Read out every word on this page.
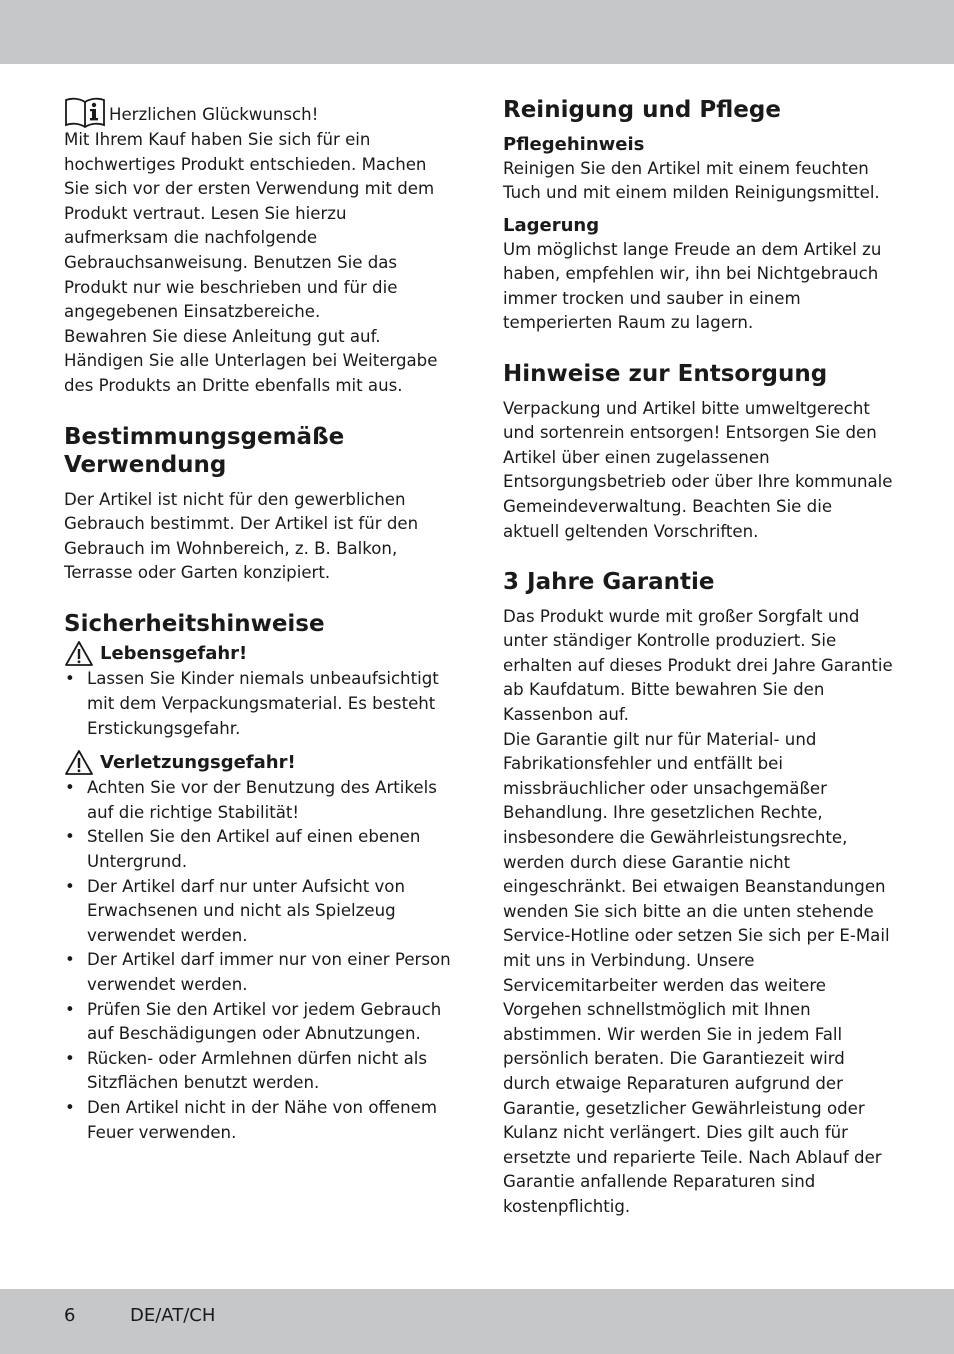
Herzlichen Glückwunsch!

Mit Ihrem Kauf haben Sie sich für ein hochwertiges Produkt entschieden. Machen Sie sich vor der ersten Verwendung mit dem Produkt vertraut. Lesen Sie hierzu aufmerksam die nachfolgende Gebrauchsanweisung. Benutzen Sie das Produkt nur wie beschrieben und für die angegebenen Einsatzbereiche.

Bewahren Sie diese Anleitung gut auf. Händigen Sie alle Unterlagen bei Weitergabe des Produkts an Dritte ebenfalls mit aus.

Bestimmungsgemäße Verwendung

Der Artikel ist nicht für den gewerblichen Gebrauch bestimmt. Der Artikel ist für den Gebrauch im Wohnbereich, z. B. Balkon, Terrasse oder Garten konzipiert.

Sicherheitshinweise
Lebensgefahr!
• Lassen Sie Kinder niemals unbeaufsichtigt mit dem Verpackungsmaterial. Es besteht Erstickungsgefahr.
Verletzungsgefahr!
• Achten Sie vor der Benutzung des Artikels auf die richtige Stabilität!
• Stellen Sie den Artikel auf einen ebenen Untergrund.
• Der Artikel darf nur unter Aufsicht von Erwachsenen und nicht als Spielzeug verwendet werden.
• Der Artikel darf immer nur von einer Person verwendet werden.
• Prüfen Sie den Artikel vor jedem Gebrauch auf Beschädigungen oder Abnutzungen.
• Rücken- oder Armlehnen dürfen nicht als Sitzflächen benutzt werden.
• Den Artikel nicht in der Nähe von offenem Feuer verwenden.
Reinigung und Pflege
Pflegehinweis

Reinigen Sie den Artikel mit einem feuchten Tuch und mit einem milden Reinigungsmittel.

Lagerung

Um möglichst lange Freude an dem Artikel zu haben, empfehlen wir, ihn bei Nichtgebrauch immer trocken und sauber in einem temperierten Raum zu lagern.

Hinweise zur Entsorgung

Verpackung und Artikel bitte umweltgerecht und sortenrein entsorgen! Entsorgen Sie den Artikel über einen zugelassenen Entsorgungsbetrieb oder über Ihre kommunale Gemeindeverwaltung. Beachten Sie die aktuell geltenden Vorschriften.

3 Jahre Garantie

Das Produkt wurde mit großer Sorgfalt und unter ständiger Kontrolle produziert. Sie erhalten auf dieses Produkt drei Jahre Garantie ab Kaufdatum. Bitte bewahren Sie den Kassenbon auf.

Die Garantie gilt nur für Material- und Fabrikationsfehler und entfällt bei missbräuchlicher oder unsachgemäßer Behandlung. Ihre gesetzlichen Rechte, insbesondere die Gewährleistungsrechte, werden durch diese Garantie nicht eingeschränkt. Bei etwaigen Beanstandungen wenden Sie sich bitte an die unten stehende Service-Hotline oder setzen Sie sich per E-Mail mit uns in Verbindung. Unsere Servicemitarbeiter werden das weitere Vorgehen schnellstmöglich mit Ihnen abstimmen. Wir werden Sie in jedem Fall persönlich beraten. Die Garantiezeit wird durch etwaige Reparaturen aufgrund der Garantie, gesetzlicher Gewährleistung oder Kulanz nicht verlängert. Dies gilt auch für ersetzte und reparierte Teile. Nach Ablauf der Garantie anfallende Reparaturen sind kostenpflichtig.

6	DE/AT/CH
